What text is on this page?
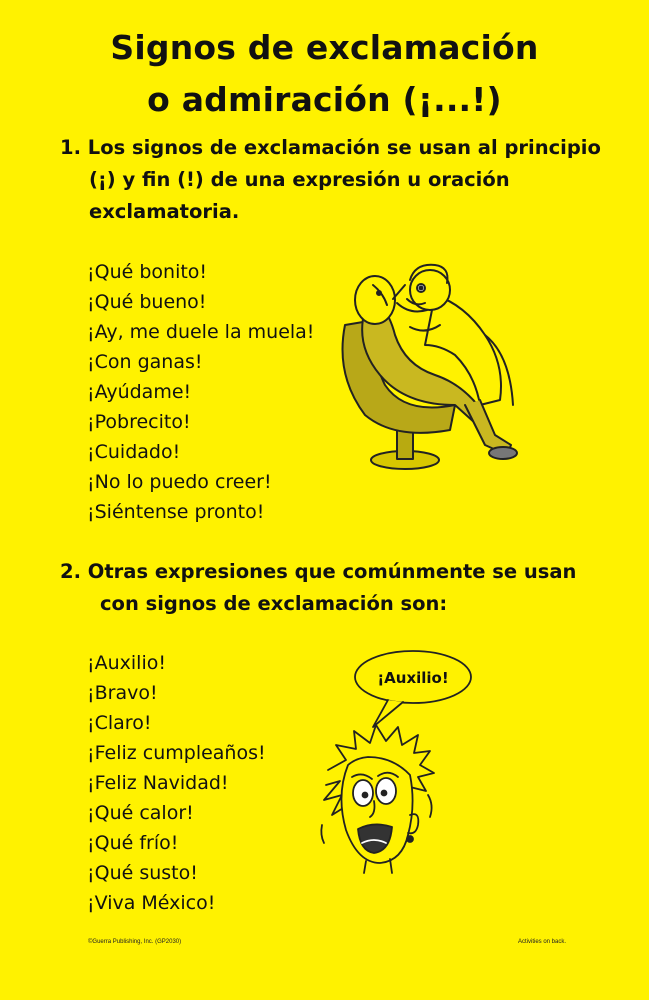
Signos de exclamación
o admiración (¡...!)
1. Los signos de exclamación se usan al principio
(¡) y fin (!) de una expresión u oración
exclamatoria.
¡Qué bonito!
¡Qué bueno!
¡Ay, me duele la muela!
¡Con ganas!
¡Ayúdame!
¡Pobrecito!
¡Cuidado!
¡No lo puedo creer!
¡Siéntense pronto!
2. Otras expresiones que comúnmente se usan
con signos de exclamación son:
¡Auxilio!
¡Bravo!
¡Claro!
¡Feliz cumpleaños!
¡Feliz Navidad!
¡Qué calor!
¡Qué frío!
¡Qué susto!
¡Viva México!
¡Auxilio!
©Guerra Publishing, Inc. (GP2030)	Activities on back.
